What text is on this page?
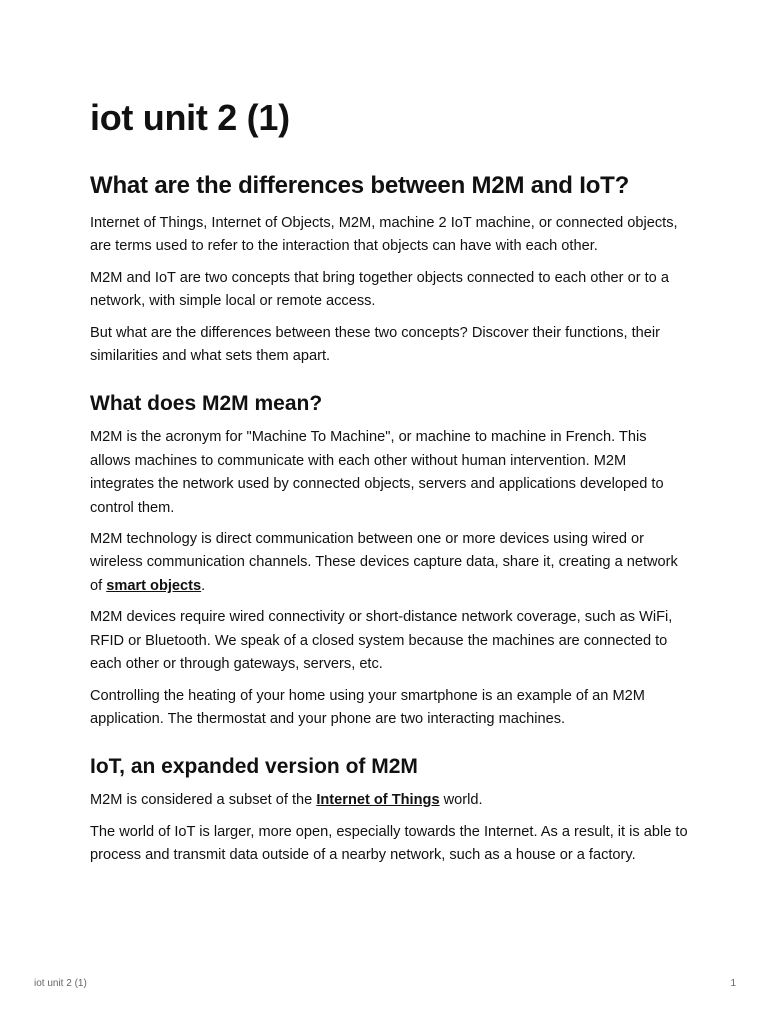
iot unit 2 (1)
What are the differences between M2M and IoT?

Internet of Things, Internet of Objects, M2M, machine 2 IoT machine, or connected objects, are terms used to refer to the interaction that objects can have with each other.

M2M and IoT are two concepts that bring together objects connected to each other or to a network, with simple local or remote access.

But what are the differences between these two concepts? Discover their functions, their similarities and what sets them apart.

What does M2M mean?

M2M is the acronym for "Machine To Machine", or machine to machine in French. This allows machines to communicate with each other without human intervention. M2M integrates the network used by connected objects, servers and applications developed to control them.

M2M technology is direct communication between one or more devices using wired or wireless communication channels. These devices capture data, share it, creating a network of smart objects.

M2M devices require wired connectivity or short-distance network coverage, such as WiFi, RFID or Bluetooth. We speak of a closed system because the machines are connected to each other or through gateways, servers, etc.

Controlling the heating of your home using your smartphone is an example of an M2M application. The thermostat and your phone are two interacting machines.

IoT, an expanded version of M2M

M2M is considered a subset of the Internet of Things world.

The world of IoT is larger, more open, especially towards the Internet. As a result, it is able to process and transmit data outside of a nearby network, such as a house or a factory.

iot unit 2 (1)	1
